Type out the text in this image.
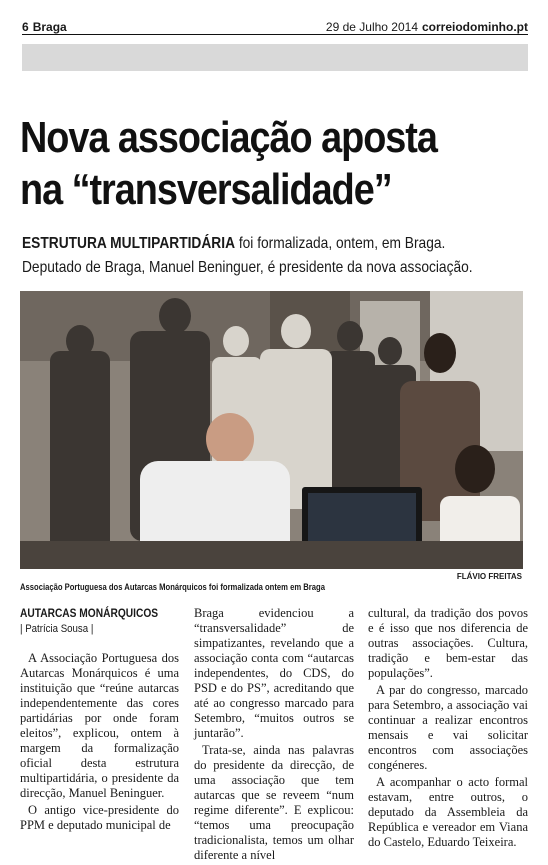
6 Braga	29 de Julho 2014 correiodominho.pt
Nova associação aposta
na “transversalidade”
ESTRUTURA MULTIPARTIDÁRIA foi formalizada, ontem, em Braga.
Deputado de Braga, Manuel Beninguer, é presidente da nova associação.
FLÁVIO FREITAS
Associação Portuguesa dos Autarcas Monárquicos foi formalizada ontem em Braga
AUTARCAS MONÁRQUICOS
| Patrícia Sousa |

A Associação Portuguesa dos Autarcas Monárquicos é uma instituição que “reúne autarcas independentemente das cores partidárias por onde foram eleitos”, explicou, ontem à margem da formalização oficial desta estrutura multipartidária, o presidente da direcção, Manuel Beninguer.

O antigo vice-presidente do PPM e deputado municipal de

Braga evidenciou a “transversalidade” de simpatizantes, revelando que a associação conta com “autarcas independentes, do CDS, do PSD e do PS”, acreditando que até ao congresso marcado para Setembro, “muitos outros se juntarão”.

Trata-se, ainda nas palavras do presidente da direcção, de uma associação que tem autarcas que se reveem “num regime diferente”. E explicou: “temos uma preocupação tradicionalista, temos um olhar diferente a nível

cultural, da tradição dos povos e é isso que nos diferencia de outras associações. Cultura, tradição e bem-estar das populações”.

A par do congresso, marcado para Setembro, a associação vai continuar a realizar encontros mensais e vai solicitar encontros com associações congéneres.

A acompanhar o acto formal estavam, entre outros, o deputado da Assembleia da República e vereador em Viana do Castelo, Eduardo Teixeira.
